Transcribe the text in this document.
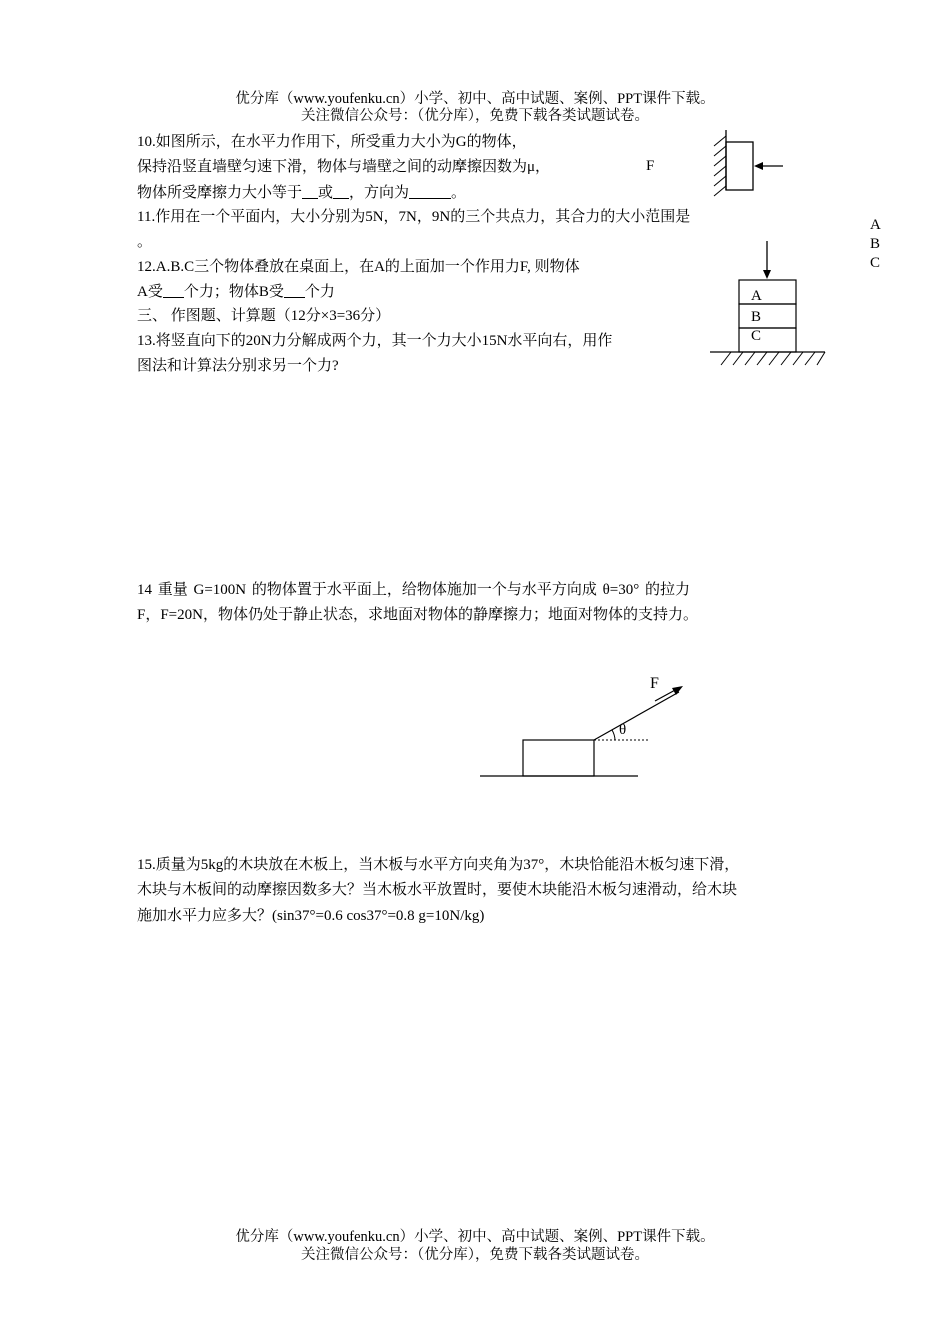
优分库（www.youfenku.cn）小学、初中、高中试题、案例、PPT课件下载。
关注微信公众号：（优分库），免费下载各类试题试卷。
10.如图所示，在水平力作用下，所受重力大小为G的物体，
保持沿竖直墙壁匀速下滑，物体与墙壁之间的动摩擦因数为μ，
物体所受摩擦力大小等于 或 ，方向为	。
F
11.作用在一个平面内，大小分别为5N，7N，9N的三个共点力，其合力的大小范围是
。
A
B
C
12.A.B.C三个物体叠放在桌面上，在A的上面加一个作用力F, 则物体
A受 个力；物体B受 个力	A
B
C
三、 作图题、计算题（12分×3=36分）
13.将竖直向下的20N力分解成两个力，其一个力大小15N水平向右，用作
图法和计算法分别求另一个力?
14 重量 G=100N 的物体置于水平面上，给物体施加一个与水平方向成 θ=30° 的拉力
F，F=20N，物体仍处于静止状态，求地面对物体的静摩擦力；地面对物体的支持力。
θ
F
15.质量为5kg的木块放在木板上，当木板与水平方向夹角为37°，木块恰能沿木板匀速下滑，
木块与木板间的动摩擦因数多大？当木板水平放置时，要使木块能沿木板匀速滑动，给木块
施加水平力应多大？(sin37°=0.6 cos37°=0.8 g=10N/kg)
优分库（www.youfenku.cn）小学、初中、高中试题、案例、PPT课件下载。
关注微信公众号：（优分库），免费下载各类试题试卷。
